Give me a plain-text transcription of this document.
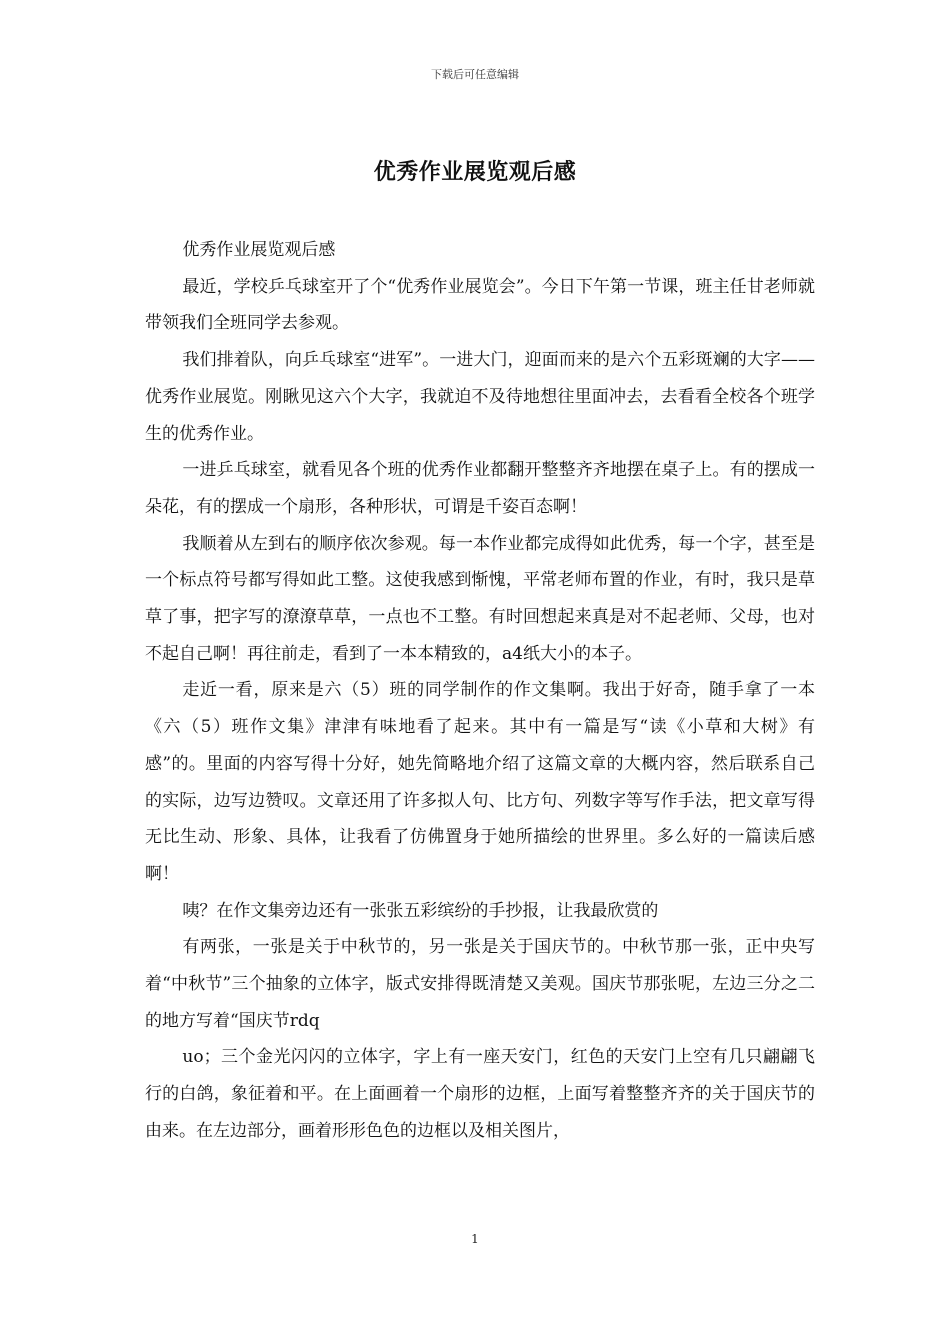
下载后可任意编辑
优秀作业展览观后感

优秀作业展览观后感

最近，学校乒乓球室开了个“优秀作业展览会”。今日下午第一节课，班主任甘老师就带领我们全班同学去参观。

我们排着队，向乒乓球室“进军”。一进大门，迎面而来的是六个五彩斑斓的大字——优秀作业展览。刚瞅见这六个大字，我就迫不及待地想往里面冲去，去看看全校各个班学生的优秀作业。

一进乒乓球室，就看见各个班的优秀作业都翻开整整齐齐地摆在桌子上。有的摆成一朵花，有的摆成一个扇形，各种形状，可谓是千姿百态啊！

我顺着从左到右的顺序依次参观。每一本作业都完成得如此优秀，每一个字，甚至是一个标点符号都写得如此工整。这使我感到惭愧，平常老师布置的作业，有时，我只是草草了事，把字写的潦潦草草，一点也不工整。有时回想起来真是对不起老师、父母，也对不起自己啊！再往前走，看到了一本本精致的，a4纸大小的本子。

走近一看，原来是六（5）班的同学制作的作文集啊。我出于好奇，随手拿了一本《六（5）班作文集》津津有味地看了起来。其中有一篇是写“读《小草和大树》有感”的。里面的内容写得十分好，她先简略地介绍了这篇文章的大概内容，然后联系自己的实际，边写边赞叹。文章还用了许多拟人句、比方句、列数字等写作手法，把文章写得无比生动、形象、具体，让我看了仿佛置身于她所描绘的世界里。多么好的一篇读后感啊！

咦？在作文集旁边还有一张张五彩缤纷的手抄报，让我最欣赏的

有两张，一张是关于中秋节的，另一张是关于国庆节的。中秋节那一张，正中央写着“中秋节”三个抽象的立体字，版式安排得既清楚又美观。国庆节那张呢，左边三分之二的地方写着“国庆节rdq

uo；三个金光闪闪的立体字，字上有一座天安门，红色的天安门上空有几只翩翩飞行的白鸽，象征着和平。在上面画着一个扇形的边框，上面写着整整齐齐的关于国庆节的由来。在左边部分，画着形形色色的边框以及相关图片，

1
